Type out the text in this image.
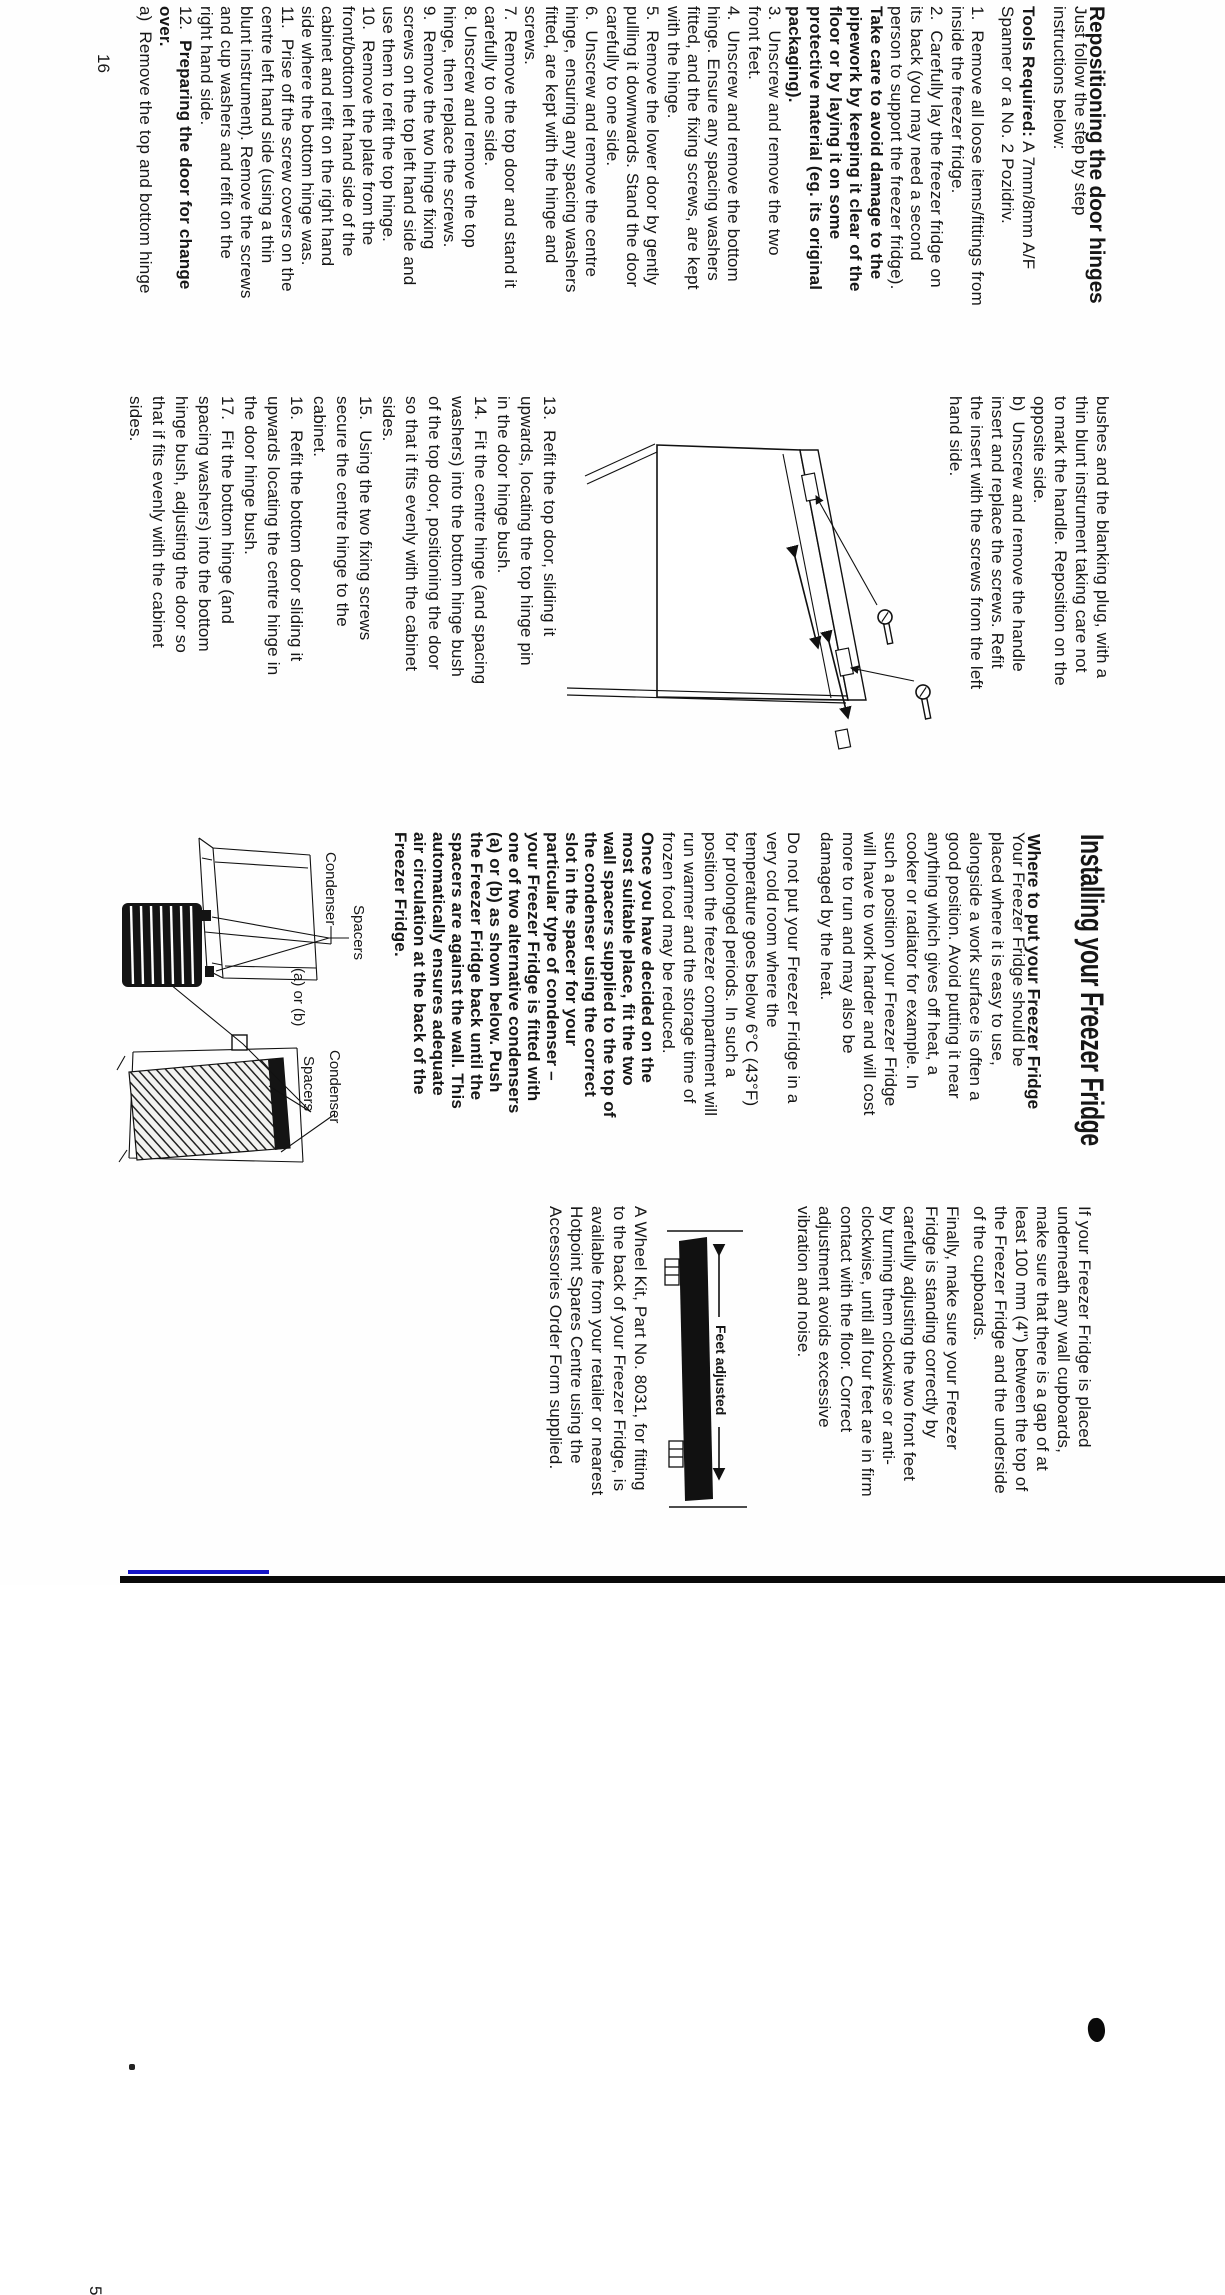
Repositioning the door hinges
Just follow the step by step
instructions below:
Tools Required: A 7mm/8mm A/F
Spanner or a No. 2 Pozidriv.
1.  Remove all loose items/fittings from
inside the freezer fridge.
2.  Carefully lay the freezer fridge on
its back (you may need a second
person to support the freezer fridge).
Take care to avoid damage to the
pipework by keeping it clear of the
floor or by laying it on some
protective material (eg. its original
packaging).
3.  Unscrew and remove the two
front feet.
4.  Unscrew and remove the bottom
hinge. Ensure any spacing washers
fitted, and the fixing screws, are kept
with the hinge.
5.  Remove the lower door by gently
pulling it downwards. Stand the door
carefully to one side.
6.  Unscrew and remove the centre
hinge, ensuring any spacing washers
fitted, are kept with the hinge and
screws.
7.  Remove the top door and stand it
carefully to one side.
8. Unscrew and remove the top
hinge, then replace the screws.
9.  Remove the two hinge fixing
screws on the top left hand side and
use them to refit the top hinge.
10.  Remove the plate from the
front/bottom left hand side of the
cabinet and refit on the right hand
side where the bottom hinge was.
11.  Prise off the screw covers on the
centre left hand side (using a thin
blunt instrument). Remove the screws
and cup washers and refit on the
right hand side.
12.  Preparing the door for change
over.
a)  Remove the top and bottom hinge
bushes and the blanking plug, with a
thin blunt instrument taking care not
to mark the handle. Reposition on the
opposite side.
b)  Unscrew and remove the handle
insert and replace the screws. Refit
the insert with the screws from the left
hand side.
13.  Refit the top door, sliding it
upwards, locating the top hinge pin
in the door hinge bush.
14.  Fit the centre hinge (and spacing
washers) into the bottom hinge bush
of the top door, positioning the door
so that it fits evenly with the cabinet
sides.
15.  Using the two fixing screws
secure the centre hinge to the
cabinet.
16.  Refit the bottom door sliding it
upwards locating the centre hinge in
the door hinge bush.
17.  Fit the bottom hinge (and
spacing washers) into the bottom
hinge bush, adjusting the door so
that if fits evenly with the cabinet
sides.
16
Installing your Freezer Fridge
Where to put your Freezer Fridge
Your Freezer Fridge should be
placed where it is easy to use,
alongside a work surface is often a
good position. Avoid putting it near
anything which gives off heat, a
cooker or radiator for example. In
such a position your Freezer Fridge
will have to work harder and will cost
more to run and may also be
damaged by the heat.
Do not put your Freezer Fridge in a
very cold room where the
temperature goes below 6°C (43°F)
for prolonged periods. In such a
position the freezer compartment will
run warmer and the storage time of
frozen food may be reduced.
Once you have decided on the
most suitable place, fit the two
wall spacers supplied to the top of
the condenser using the correct
slot in the spacer for your
particular type of condenser –
your Freezer Fridge is fitted with
one of two alternative condensers
(a) or (b) as shown below. Push
the Freezer Fridge back until the
spacers are against the wall. This
automatically ensures adequate
air circulation at the back of the
Freezer Fridge.
If your Freezer Fridge is placed
underneath any wall cupboards,
make sure that there is a gap of at
least 100 mm (4") between the top of
the Freezer Fridge and the underside
of the cupboards.
Finally, make sure your Freezer
Fridge is standing correctly by
carefully adjusting the two front feet
by turning them clockwise or anti-
clockwise, until all four feet are in firm
contact with the floor. Correct
adjustment avoids excessive
vibration and noise.
A Wheel Kit, Part No. 8031, for fitting
to the back of your Freezer Fridge, is
available from your retailer or nearest
Hotpoint Spares Centre using the
Accessories Order Form supplied.
Spacers
Condenser
(a) or (b)
Condenser
Spacers
Feet adjusted
5
